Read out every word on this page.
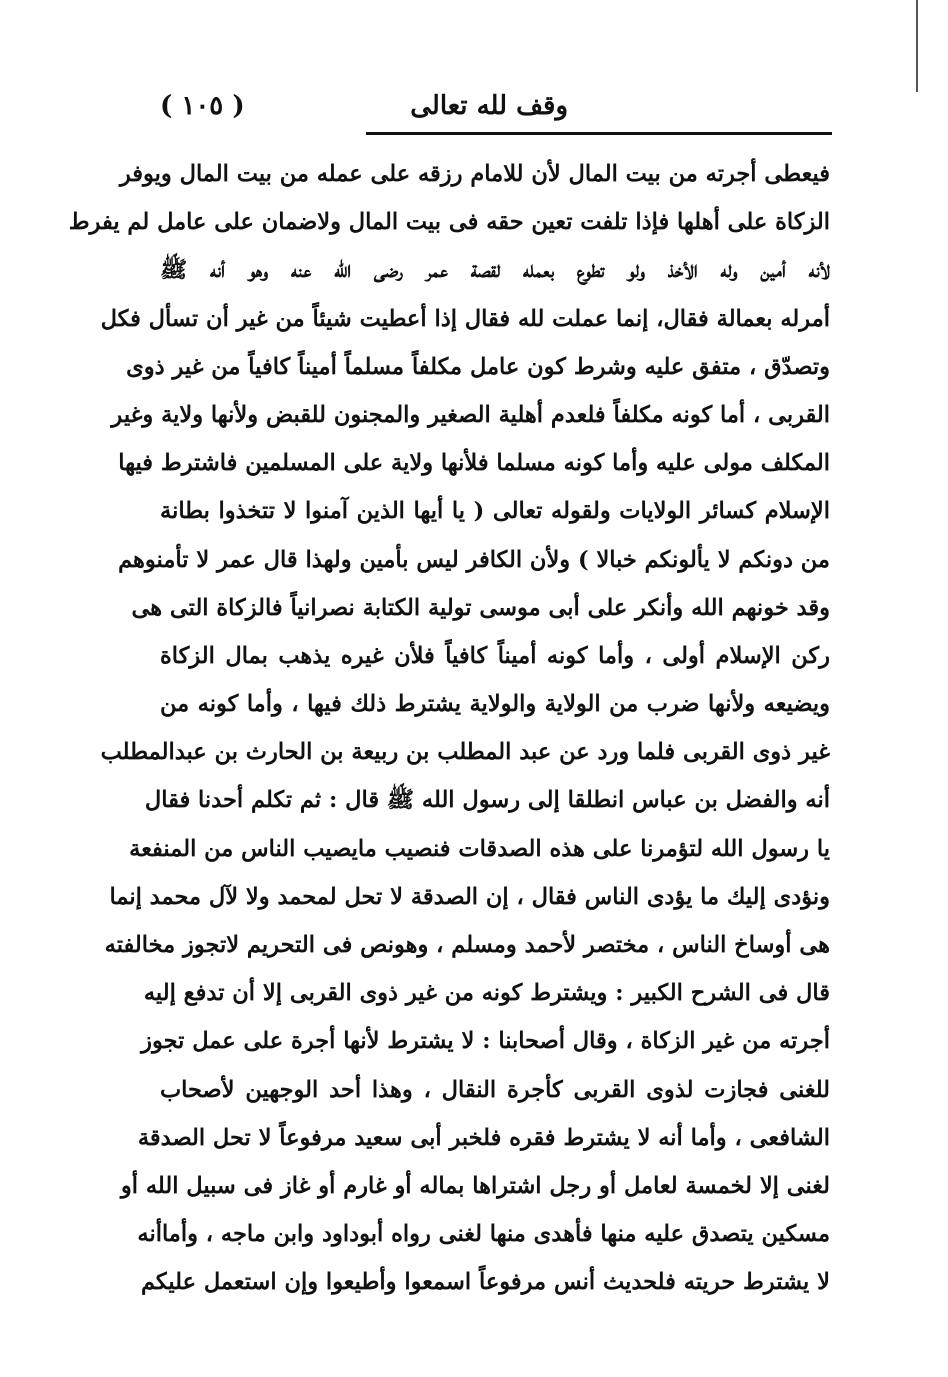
وقف لله تعالى
( ١٠٥ )
فيعطى أجرته من بيت المال لأن للامام رزقه على عمله من بيت المال ويوفر
الزكاة على أهلها فإذا تلفت تعين حقه فى بيت المال ولاضمان على عامل لم يفرط
لأنه أمين وله الأخذ ولو تطوع بعمله لقصة عمر رضى الله عنه وهو أنه ﷺ
أمرله بعمالة فقال، إنما عملت لله فقال إذا أعطيت شيئاً من غير أن تسأل فكل
وتصدّق ، متفق عليه وشرط كون عامل مكلفاً مسلماً أميناً كافياً من غير ذوى
القربى ، أما كونه مكلفاً فلعدم أهلية الصغير والمجنون للقبض ولأنها ولاية وغير
المكلف مولى عليه وأما كونه مسلما فلأنها ولاية على المسلمين فاشترط فيها
الإسلام كسائر الولايات ولقوله تعالى ( يا أيها الذين آمنوا لا تتخذوا بطانة
من دونكم لا يألونكم خبالا ) ولأن الكافر ليس بأمين ولهذا قال عمر لا تأمنوهم
وقد خونهم الله وأنكر على أبى موسى تولية الكتابة نصرانياً فالزكاة التى هى
ركن الإسلام أولى ، وأما كونه أميناً كافياً فلأن غيره يذهب بمال الزكاة
ويضيعه ولأنها ضرب من الولاية والولاية يشترط ذلك فيها ، وأما كونه من
غير ذوى القربى فلما ورد عن عبد المطلب بن ربيعة بن الحارث بن عبدالمطلب
أنه والفضل بن عباس انطلقا إلى رسول الله ﷺ قال : ثم تكلم أحدنا فقال
يا رسول الله لتؤمرنا على هذه الصدقات فنصيب مايصيب الناس من المنفعة
ونؤدى إليك ما يؤدى الناس فقال ، إن الصدقة لا تحل لمحمد ولا لآل محمد إنما
هى أوساخ الناس ، مختصر لأحمد ومسلم ، وهونص فى التحريم لاتجوز مخالفته
قال فى الشرح الكبير : ويشترط كونه من غير ذوى القربى إلا أن تدفع إليه
أجرته من غير الزكاة ، وقال أصحابنا : لا يشترط لأنها أجرة على عمل تجوز
للغنى فجازت لذوى القربى كأجرة النقال ، وهذا أحد الوجهين لأصحاب
الشافعى ، وأما أنه لا يشترط فقره فلخبر أبى سعيد مرفوعاً لا تحل الصدقة
لغنى إلا لخمسة لعامل أو رجل اشتراها بماله أو غارم أو غاز فى سبيل الله أو
مسكين يتصدق عليه منها فأهدى منها لغنى رواه أبوداود وابن ماجه ، وأماأنه
لا يشترط حريته فلحديث أنس مرفوعاً اسمعوا وأطيعوا وإن استعمل عليكم
